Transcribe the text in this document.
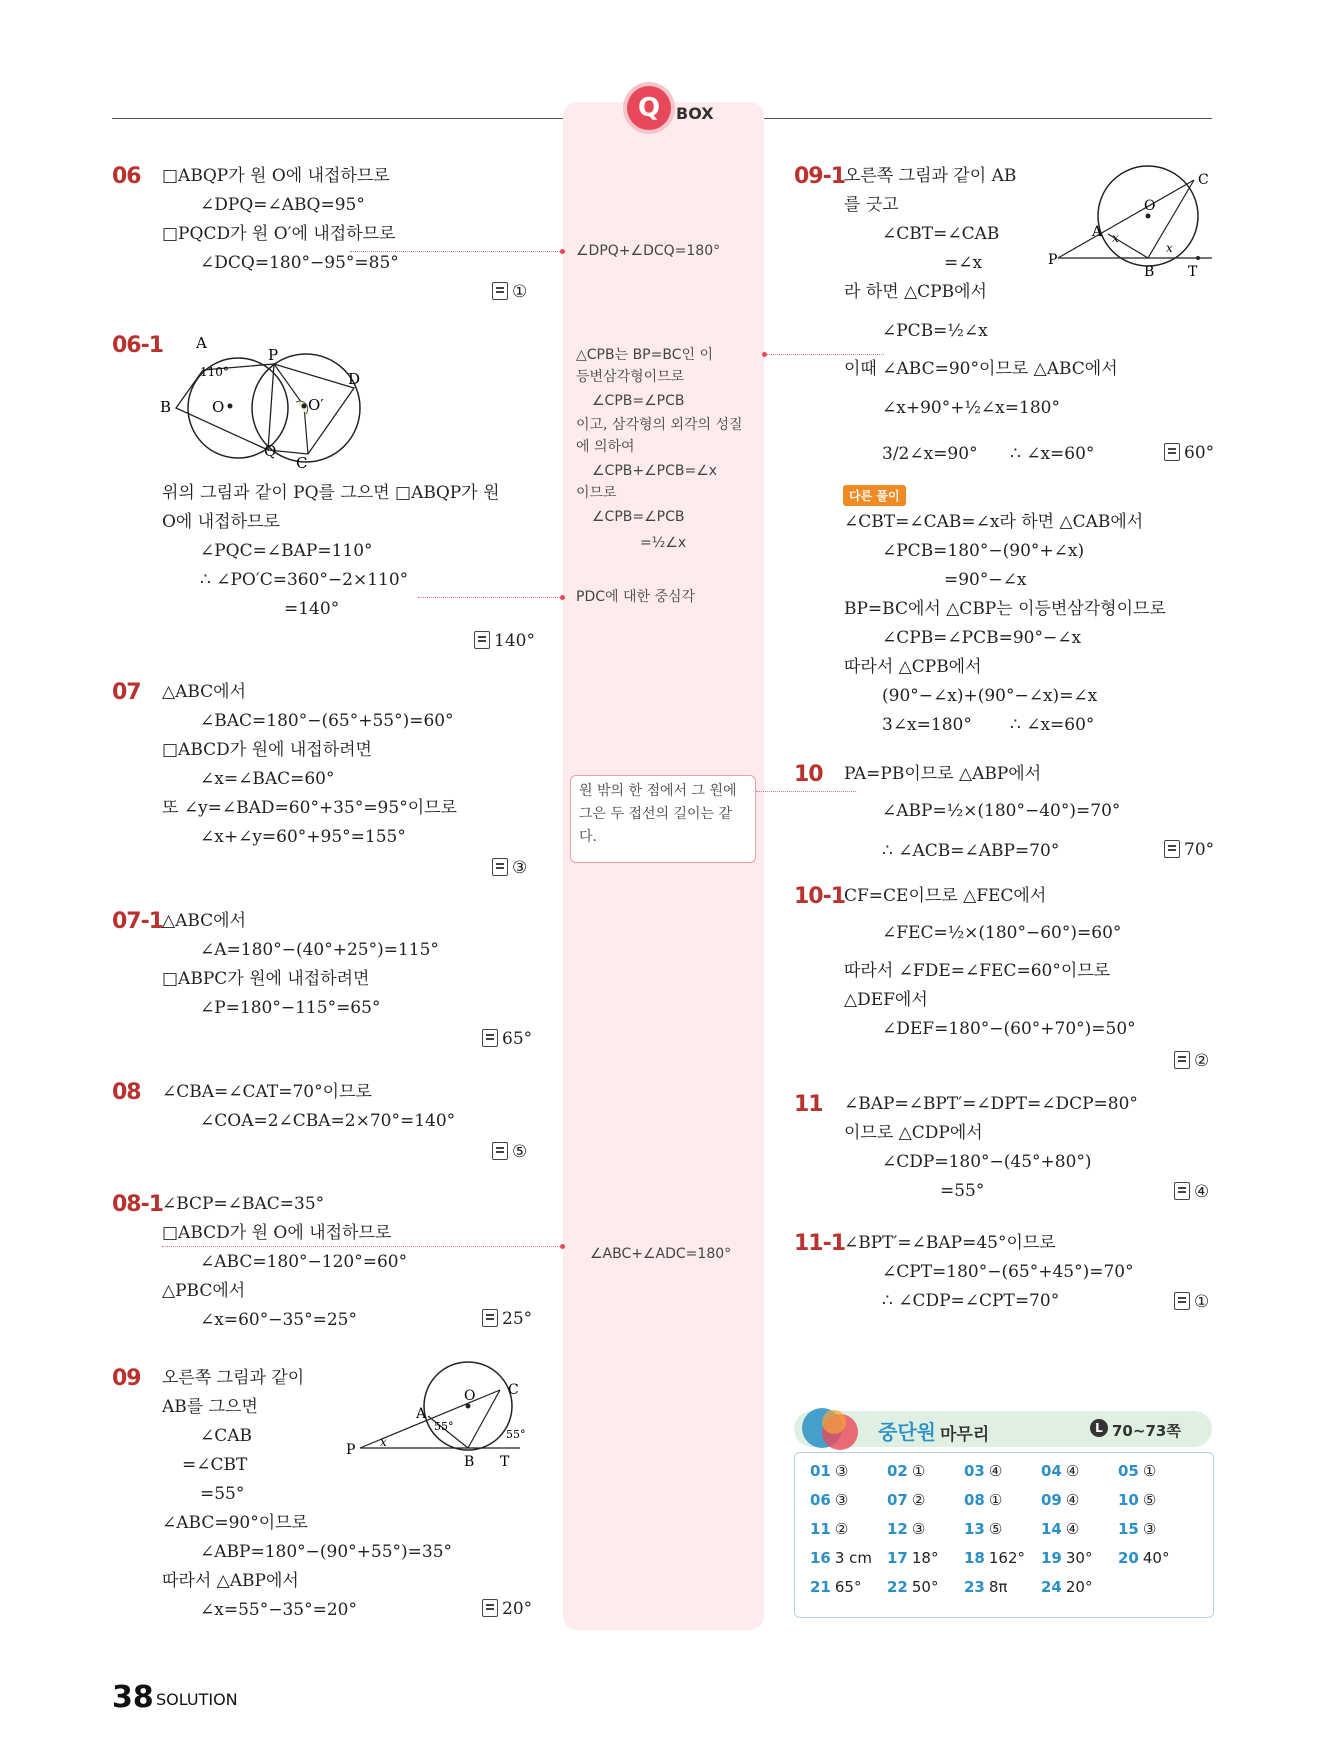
Q BOX
06 □ABQP가 원 O에 내접하므로
∠DPQ=∠ABQ=95°
□PQCD가 원 O′에 내접하므로
∠DCQ=180°−95°=85°
①
06-1 A
P
B	O	O′
D
Q
C
110°
위의 그림과 같이 PQ를 그으면 □ABQP가 원
O에 내접하므로
∠PQC=∠BAP=110°
∴ ∠PO′C=360°−2×110°
=140°
140°
07 △ABC에서
∠BAC=180°−(65°+55°)=60°
□ABCD가 원에 내접하려면
∠x=∠BAC=60°
또 ∠y=∠BAD=60°+35°=95°이므로
∠x+∠y=60°+95°=155°
③
07-1
△ABC에서
∠A=180°−(40°+25°)=115°
□ABPC가 원에 내접하려면
∠P=180°−115°=65°
65°
08 ∠CBA=∠CAT=70°이므로
∠COA=2∠CBA=2×70°=140°
⑤
08-1
∠BCP=∠BAC=35°
□ABCD가 원 O에 내접하므로
∠ABC=180°−120°=60°
△PBC에서
∠x=60°−35°=25°	25°
09 오른쪽 그림과 같이
AB를 그으면
∠CAB
=∠CBT
=55°
∠ABC=90°이므로
∠ABP=180°−(90°+55°)=35°
따라서 △ABP에서
∠x=55°−35°=20°	20°
O C
A
P x
B T
55°
55°
∠DPQ+∠DCQ=180°
△CPB는 BP=BC인 이
등변삼각형이므로
∠CPB=∠PCB
이고, 삼각형의 외각의 성질
에 의하여
∠CPB+∠PCB=∠x
이므로
∠CPB=∠PCB
=½∠x
PDC에 대한 중심각
원 밖의 한 점에서 그 원에 그은 두 접선의 길이는 같다.
∠ABC+∠ADC=180°
09-1
오른쪽 그림과 같이 AB
를 긋고
∠CBT=∠CAB
=∠x
라 하면 △CPB에서
∠PCB=½∠x
이때 ∠ABC=90°이므로 △ABC에서
∠x+90°+½∠x=180°
3/2∠x=90° ∴ ∠x=60°	60°
다른 풀이
∠CBT=∠CAB=∠x라 하면 △CAB에서
∠PCB=180°−(90°+∠x)
=90°−∠x
BP=BC에서 △CBP는 이등변삼각형이므로
∠CPB=∠PCB=90°−∠x
따라서 △CPB에서
(90°−∠x)+(90°−∠x)=∠x
3∠x=180° ∴ ∠x=60°
O
C
A
P
B T
x
x
10 PA=PB이므로 △ABP에서
∠ABP=½×(180°−40°)=70°
∴ ∠ACB=∠ABP=70°	70°
10-1
CF=CE이므로 △FEC에서
∠FEC=½×(180°−60°)=60°
따라서 ∠FDE=∠FEC=60°이므로
△DEF에서
∠DEF=180°−(60°+70°)=50°
②
11 ∠BAP=∠BPT′=∠DPT=∠DCP=80°
이므로 △CDP에서
∠CDP=180°−(45°+80°)
=55°	④
11-1
∠BPT′=∠BAP=45°이므로
∠CPT=180°−(65°+45°)=70°
∴ ∠CDP=∠CPT=70°	①
중단원 마무리	L 70~73쪽
01 ③	02 ①	03 ④	04 ④	05 ①
06 ③	07 ②	08 ①	09 ④	10 ⑤
11 ②	12 ③	13 ⑤	14 ④	15 ③
16 3 cm 17 18° 18 162° 19 30° 20 40°
21 65° 22 50° 23 8π 24 20°
38 SOLUTION
